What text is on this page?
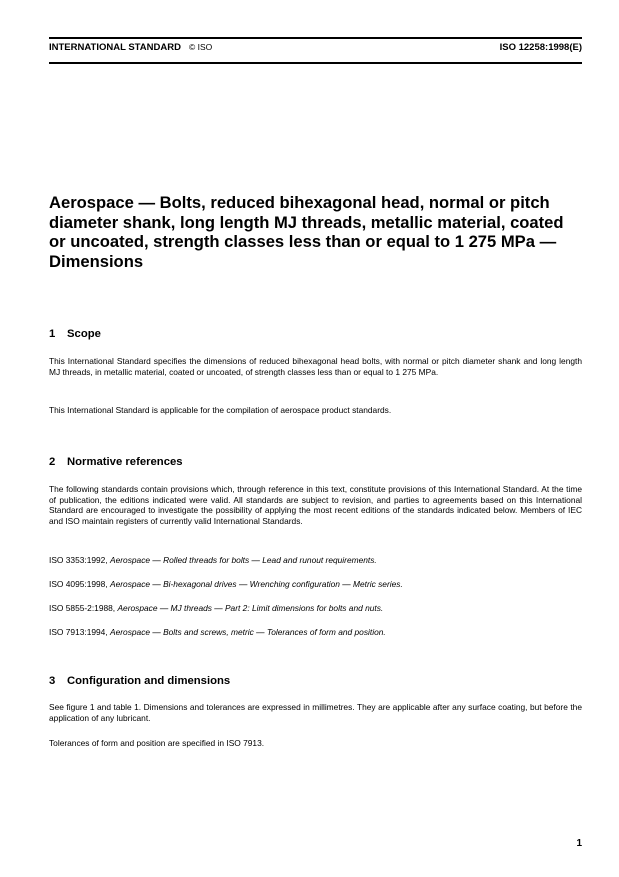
INTERNATIONAL STANDARD © ISO	ISO 12258:1998(E)
Aerospace — Bolts, reduced bihexagonal head, normal or pitch diameter shank, long length MJ threads, metallic material, coated or uncoated, strength classes less than or equal to 1 275 MPa — Dimensions
1 Scope

This International Standard specifies the dimensions of reduced bihexagonal head bolts, with normal or pitch diameter shank and long length MJ threads, in metallic material, coated or uncoated, of strength classes less than or equal to 1 275 MPa.

This International Standard is applicable for the compilation of aerospace product standards.

2 Normative references

The following standards contain provisions which, through reference in this text, constitute provisions of this International Standard. At the time of publication, the editions indicated were valid. All standards are subject to revision, and parties to agreements based on this International Standard are encouraged to investigate the possibility of applying the most recent editions of the standards indicated below. Members of IEC and ISO maintain registers of currently valid International Standards.

ISO 3353:1992, Aerospace — Rolled threads for bolts — Lead and runout requirements.

ISO 4095:1998, Aerospace — Bi-hexagonal drives — Wrenching configuration — Metric series.

ISO 5855-2:1988, Aerospace — MJ threads — Part 2: Limit dimensions for bolts and nuts.

ISO 7913:1994, Aerospace — Bolts and screws, metric — Tolerances of form and position.

3 Configuration and dimensions

See figure 1 and table 1. Dimensions and tolerances are expressed in millimetres. They are applicable after any surface coating, but before the application of any lubricant.

Tolerances of form and position are specified in ISO 7913.

1
